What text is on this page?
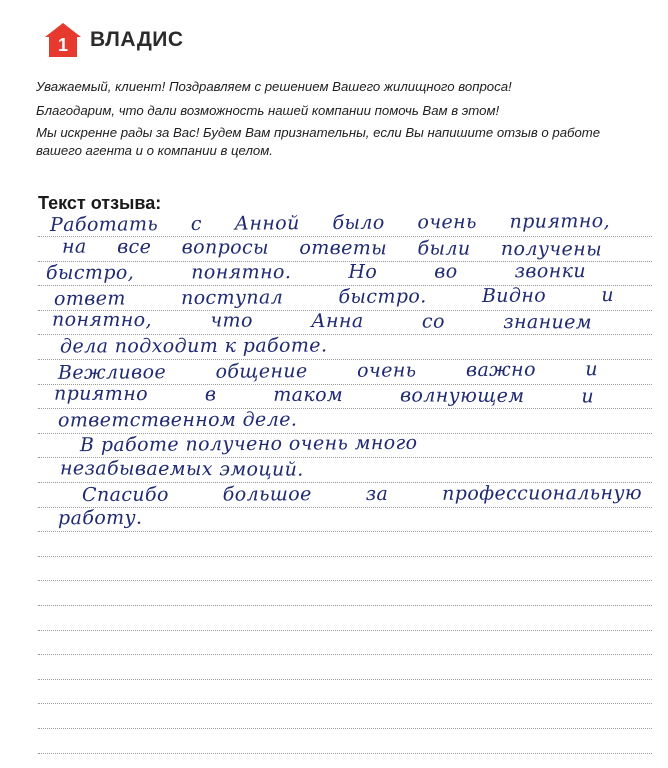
1 ВЛАДИС

Уважаемый, клиент! Поздравляем с решением Вашего жилищного вопроса!

Благодарим, что дали возможность нашей компании помочь Вам в этом!

Мы искренне рады за Вас! Будем Вам признательны, если Вы напишите отзыв о работе

вашего агента и о компании в целом.

Текст отзыва:
Работать с Анной было очень приятно,
на все вопросы ответы были получены
быстро, понятно. Но во звонки
ответ поступал быстро. Видно и
понятно, что Анна со знанием
дела подходит к работе.
Вежливое общение очень важно и
приятно в таком волнующем и
ответственном деле.
В работе получено очень много
незабываемых эмоций.
Спасибо большое за профессиональную
работу.
